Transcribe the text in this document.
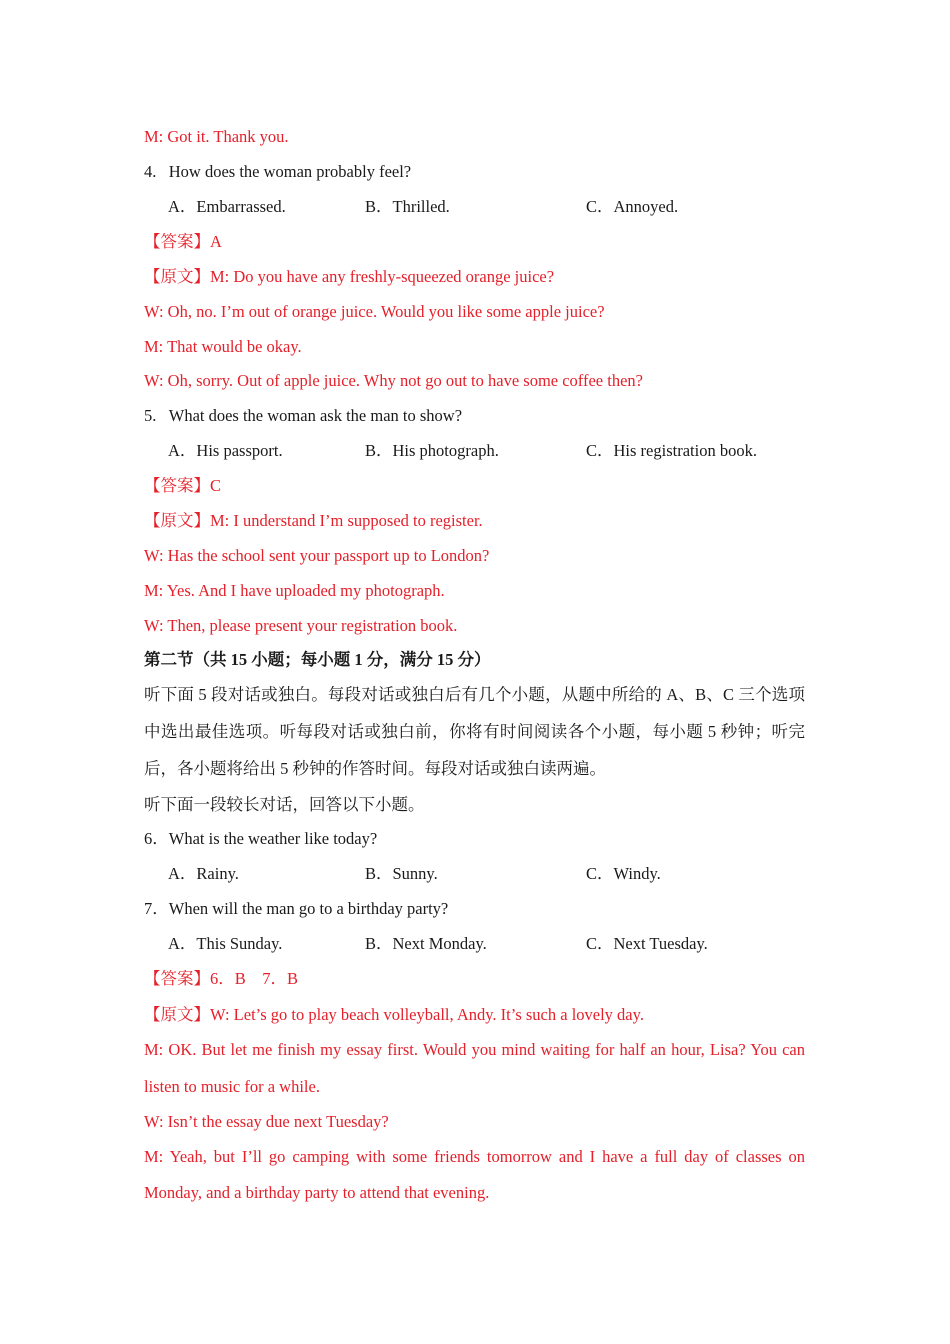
M: Got it. Thank you.
4.   How does the woman probably feel?
A．Embarrassed.	B．Thrilled.	C．Annoyed.
【答案】A
【原文】M: Do you have any freshly-squeezed orange juice?
W: Oh, no. I’m out of orange juice. Would you like some apple juice?
M: That would be okay.
W: Oh, sorry. Out of apple juice. Why not go out to have some coffee then?
5.   What does the woman ask the man to show?
A．His passport.	B．His photograph.	C．His registration book.
【答案】C
【原文】M: I understand I’m supposed to register.
W: Has the school sent your passport up to London?
M: Yes. And I have uploaded my photograph.
W: Then, please present your registration book.
第二节（共 15 小题；每小题 1 分，满分 15 分）
听下面 5 段对话或独白。每段对话或独白后有几个小题，从题中所给的 A、B、C 三个选项
中选出最佳选项。听每段对话或独白前，你将有时间阅读各个小题，每小题 5 秒钟；听完
后，各小题将给出 5 秒钟的作答时间。每段对话或独白读两遍。
听下面一段较长对话，回答以下小题。
6．What is the weather like today?
A．Rainy.	B．Sunny.	C．Windy.
7．When will the man go to a birthday party?
A．This Sunday.	B．Next Monday.	C．Next Tuesday.
【答案】6．B    7．B
【原文】W: Let’s go to play beach volleyball, Andy. It’s such a lovely day.
M: OK. But let me finish my essay first. Would you mind waiting for half an hour, Lisa? You can
listen to music for a while.
W: Isn’t the essay due next Tuesday?
M: Yeah, but I’ll go camping with some friends tomorrow and I have a full day of classes on
Monday, and a birthday party to attend that evening.
